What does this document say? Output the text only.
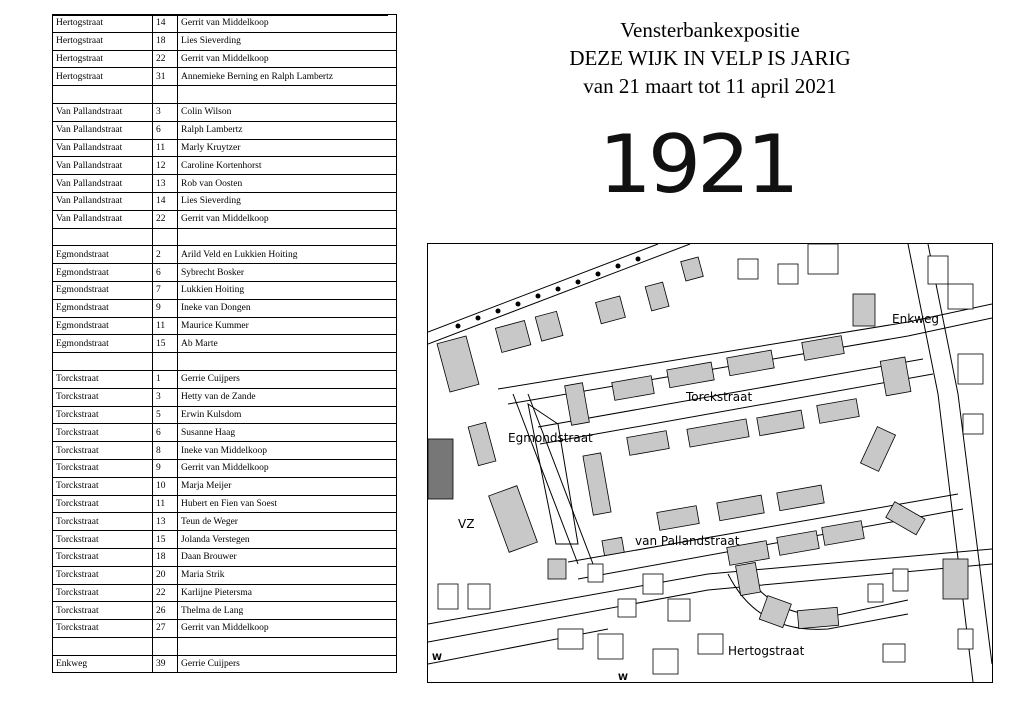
Hertogstraat	14	Gerrit van Middelkoop
Hertogstraat	18	Lies Sieverding
Hertogstraat	22	Gerrit van Middelkoop
Hertogstraat	31	Annemieke Berning en Ralph Lambertz

Van Pallandstraat	3	Colin Wilson
Van Pallandstraat	6	Ralph Lambertz
Van Pallandstraat	11	Marly Kruytzer
Van Pallandstraat	12	Caroline Kortenhorst
Van Pallandstraat	13	Rob van Oosten
Van Pallandstraat	14	Lies Sieverding
Van Pallandstraat	22	Gerrit van Middelkoop

Egmondstraat	2	Arild Veld en Lukkien Hoiting
Egmondstraat	6	Sybrecht Bosker
Egmondstraat	7	Lukkien Hoiting
Egmondstraat	9	Ineke van Dongen
Egmondstraat	11	Maurice Kummer
Egmondstraat	15	Ab Marte

Torckstraat	1	Gerrie Cuijpers
Torckstraat	3	Hetty van de Zande
Torckstraat	5	Erwin Kulsdom
Torckstraat	6	Susanne Haag
Torckstraat	8	Ineke van Middelkoop
Torckstraat	9	Gerrit van Middelkoop
Torckstraat	10	Marja Meijer
Torckstraat	11	Hubert en Fien van Soest
Torckstraat	13	Teun de Weger
Torckstraat	15	Jolanda Verstegen
Torckstraat	18	Daan Brouwer
Torckstraat	20	Maria Strik
Torckstraat	22	Karlijne Pietersma
Torckstraat	26	Thelma de Lang
Torckstraat	27	Gerrit van Middelkoop

Enkweg	39	Gerrie Cuijpers
Vensterbankexpositie
DEZE WIJK IN VELP IS JARIG
van 21 maart tot 11 april 2021
1921
Enkweg
Torckstraat
Egmondstraat
van Pallandstraat
Hertogstraat
VZ
W
W
